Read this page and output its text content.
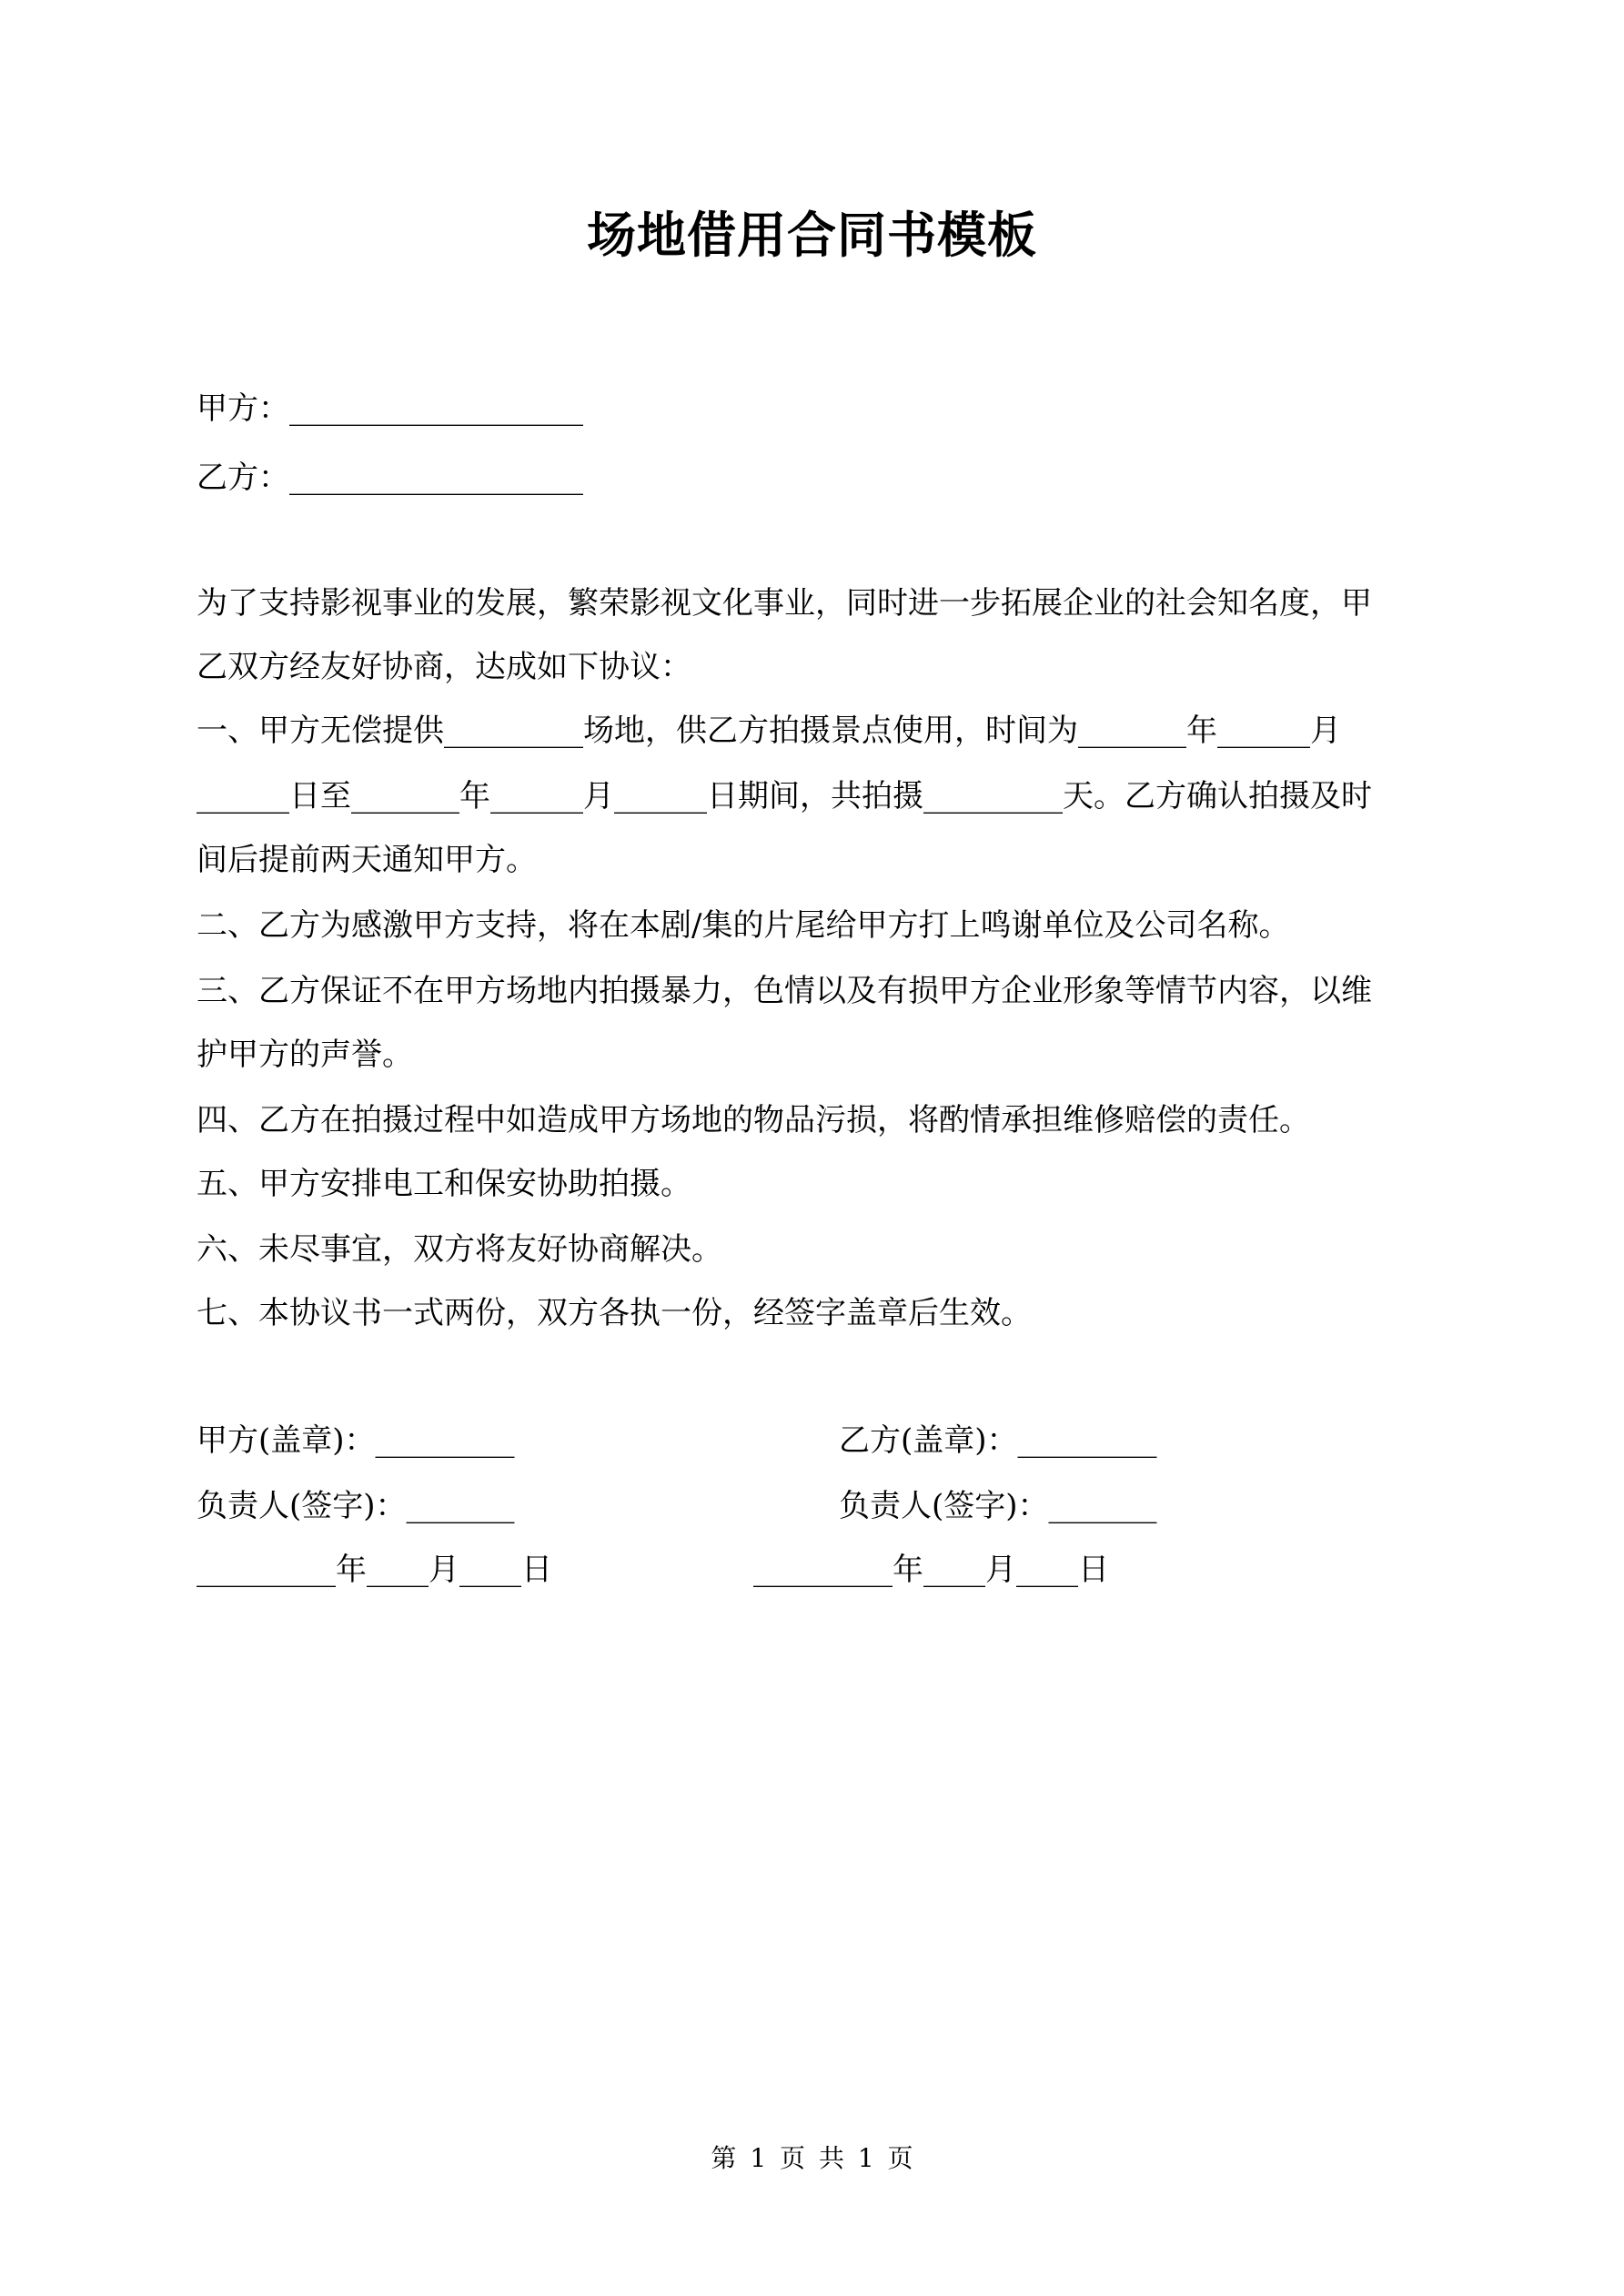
场地借用合同书模板
甲方：___________________
乙方：___________________
为了支持影视事业的发展，繁荣影视文化事业，同时进一步拓展企业的社会知名度，甲
乙双方经友好协商，达成如下协议：
一、甲方无偿提供_________场地，供乙方拍摄景点使用，时间为_______年______月
______日至_______年______月______日期间，共拍摄_________天。乙方确认拍摄及时
间后提前两天通知甲方。
二、乙方为感激甲方支持，将在本剧/集的片尾给甲方打上鸣谢单位及公司名称。
三、乙方保证不在甲方场地内拍摄暴力，色情以及有损甲方企业形象等情节内容，以维
护甲方的声誉。
四、乙方在拍摄过程中如造成甲方场地的物品污损，将酌情承担维修赔偿的责任。
五、甲方安排电工和保安协助拍摄。
六、未尽事宜，双方将友好协商解决。
七、本协议书一式两份，双方各执一份，经签字盖章后生效。
甲方(盖章)：_________
负责人(签字)：_______
_________年____月____日
乙方(盖章)：_________
负责人(签字)：_______
_________年____月____日
第 1 页 共 1 页
